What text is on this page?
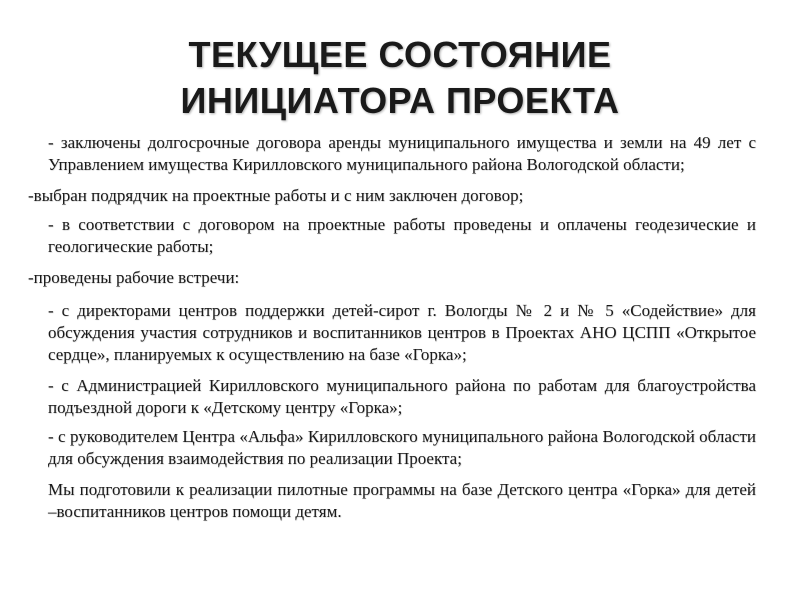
ТЕКУЩЕЕ СОСТОЯНИЕ
ИНИЦИАТОРА ПРОЕКТА

- заключены долгосрочные договора аренды муниципального имущества и земли на 49 лет с Управлением имущества Кирилловского муниципального района Вологодской области;

-выбран подрядчик на проектные работы и с ним заключен договор;

- в соответствии с договором на проектные работы проведены и оплачены геодезические и геологические работы;

-проведены рабочие встречи:

- с директорами центров поддержки детей-сирот г. Вологды № 2 и № 5 «Содействие» для обсуждения участия сотрудников и воспитанников центров в Проектах АНО ЦСПП «Открытое сердце», планируемых к осуществлению на базе «Горка»;

- с Администрацией Кирилловского муниципального района по работам для благоустройства подъездной дороги к «Детскому центру «Горка»;

- с руководителем Центра «Альфа» Кирилловского муниципального района Вологодской области для обсуждения взаимодействия по реализации Проекта;

Мы подготовили к реализации пилотные программы на базе Детского центра «Горка» для детей –воспитанников центров помощи детям.
